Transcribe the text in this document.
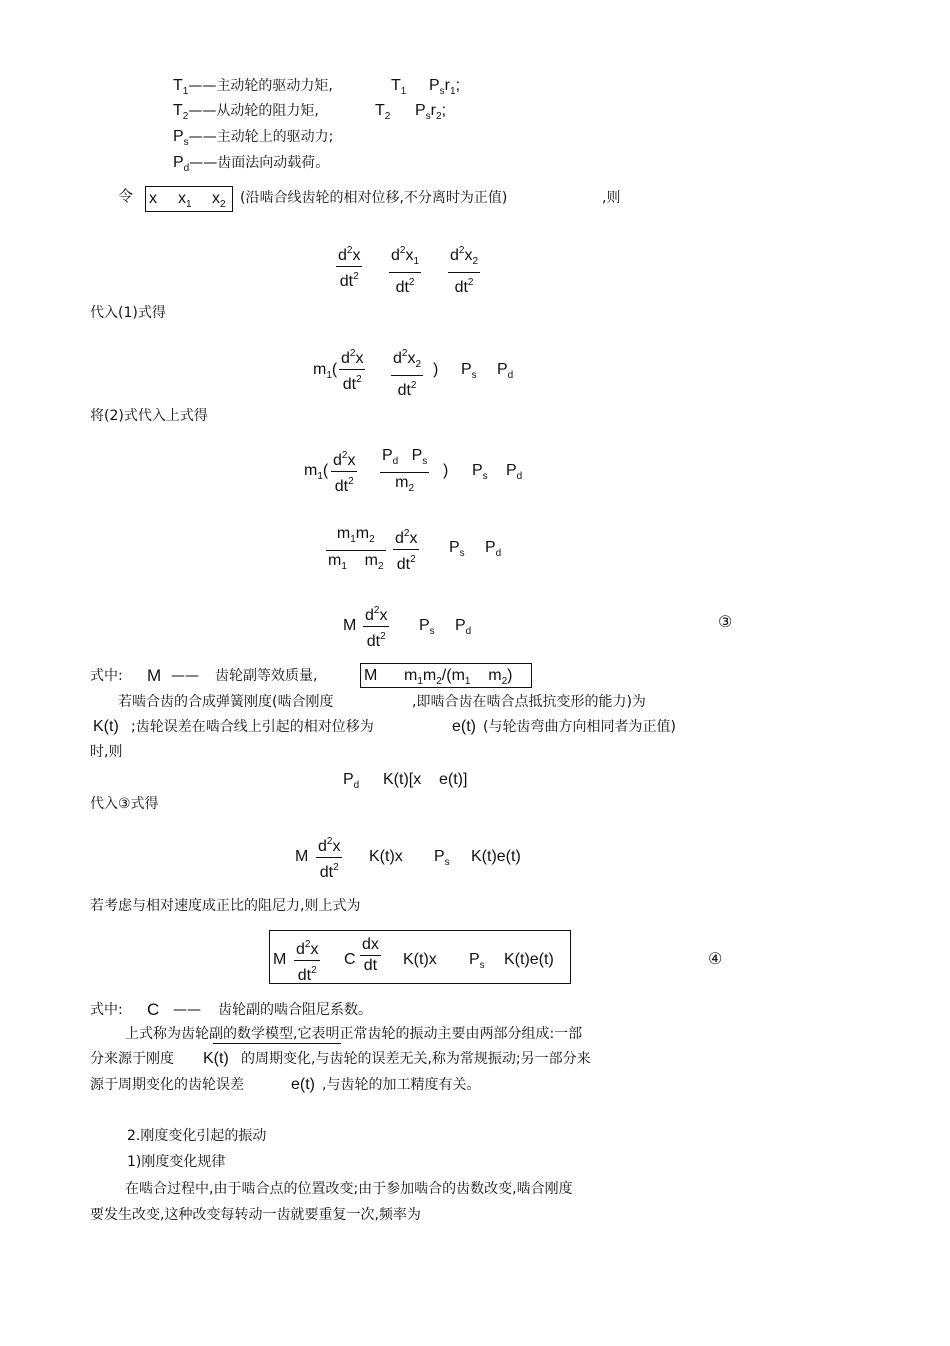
$T_1——$主动轮的驱动力矩,	$T_1$ $P_sr_1$;
$T_2——$从动轮的阻力矩,	$T_2$ $P_sr_2$;
$P_s——$主动轮上的驱动力;
$P_d——$齿面法向动载荷。
令 x $x_1$ $x_2$ (沿啮合线齿轮的相对位移,不分离时为正值)	,则
$d^2x$
$dt^2$
$d^2x_1$
$dt^2$
$d^2x_2$
$dt^2$
代入(1)式得
$m_1$(
$d^2x$
$dt^2$
$d^2x_2$
$dt^2$
) $P_s$ $P_d$
将(2)式代入上式得
$m_1$(
$d^2x$
$dt^2$
$P_d$ $P_s$
$m_2$
) $P_s$ $P_d$
$m_1m_2$
$m_1$ $m_2$
$d^2x$
$dt^2$
$P_s$ $P_d$
M
$d^2x$
$dt^2$
$P_s$ $P_d$
③
式中: M —— 齿轮副等效质量,	M $m_1m_2/(m_1$ $m_2$)
若啮合齿的合成弹簧刚度(啮合刚度	,即啮合齿在啮合点抵抗变形的能力)为
K(t) ;齿轮误差在啮合线上引起的相对位移为	e(t) (与轮齿弯曲方向相同者为正值)
时,则
$P_d$ K(t)[x    e(t)]
代入③式得
M
$d^2x$
$dt^2$
K(t)x $P_s$ K(t)e(t)
若考虑与相对速度成正比的阻尼力,则上式为
M
$d^2x$
$dt^2$
C
dx
dt K(t)x $P_s$ K(t)e(t)	④
式中: C —— 齿轮副的啮合阻尼系数。
上式称为齿轮副的数学模型,它表明正常齿轮的振动主要由两部分组成:一部
分来源于刚度 K(t) 的周期变化,与齿轮的误差无关,称为常规振动;另一部分来
源于周期变化的齿轮误差	e(t) ,与齿轮的加工精度有关。
2.刚度变化引起的振动
1)刚度变化规律
在啮合过程中,由于啮合点的位置改变;由于参加啮合的齿数改变,啮合刚度
要发生改变,这种改变每转动一齿就要重复一次,频率为
